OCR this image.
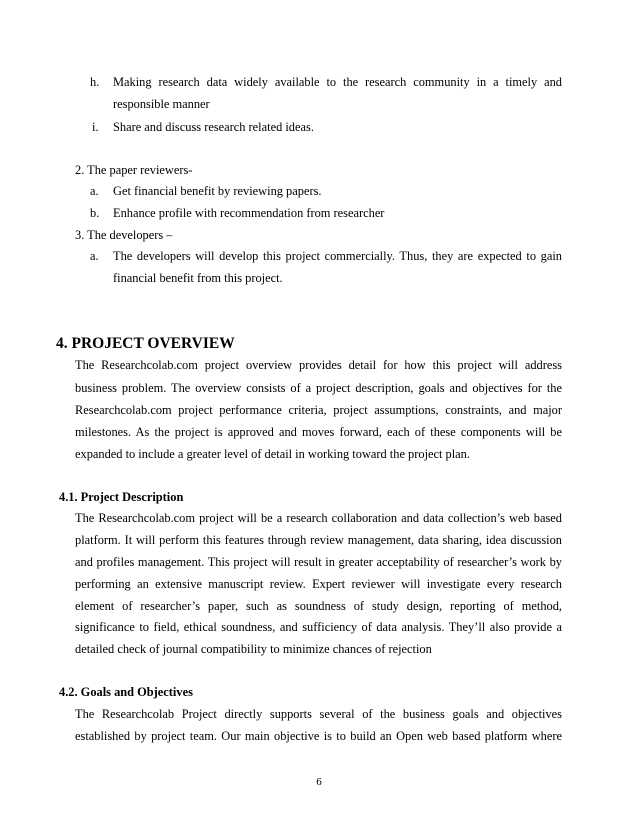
h. Making research data widely available to the research community in a timely and
responsible manner
i. Share and discuss research related ideas.
2. The paper reviewers-
a. Get financial benefit by reviewing papers.
b. Enhance profile with recommendation from researcher
3. The developers –
a. The developers will develop this project commercially. Thus, they are expected to gain
financial benefit from this project.
4. PROJECT OVERVIEW
The Researchcolab.com project overview provides detail for how this project will address
business problem. The overview consists of a project description, goals and objectives for the
Researchcolab.com project performance criteria, project assumptions, constraints, and major
milestones. As the project is approved and moves forward, each of these components will be
expanded to include a greater level of detail in working toward the project plan.
4.1. Project Description
The Researchcolab.com project will be a research collaboration and data collection’s web based
platform. It will perform this features through review management, data sharing, idea discussion
and profiles management. This project will result in greater acceptability of researcher’s work by
performing an extensive manuscript review. Expert reviewer will investigate every research
element of researcher’s paper, such as soundness of study design, reporting of method,
significance to field, ethical soundness, and sufficiency of data analysis. They’ll also provide a
detailed check of journal compatibility to minimize chances of rejection
4.2. Goals and Objectives
The Researchcolab Project directly supports several of the business goals and objectives
established by project team. Our main objective is to build an Open web based platform where
6
